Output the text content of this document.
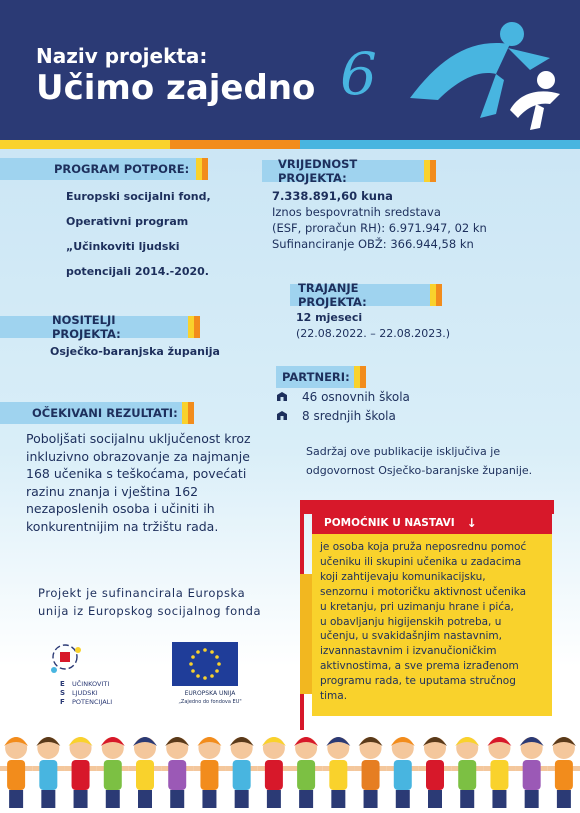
Naziv projekta:
Učimo zajedno 6
PROGRAM POTPORE:
Europski socijalni fond,
Operativni program
„Učinkoviti ljudski
potencijali 2014.-2020.
NOSITELJI PROJEKTA:
Osječko-baranjska županija
OČEKIVANI REZULTATI:
Poboljšati socijalnu uključenost kroz
inkluzivno obrazovanje za najmanje
168 učenika s teškoćama, povećati
razinu znanja i vještina 162
nezaposlenih osoba i učiniti ih
konkurentnijim na tržištu rada.
VRIJEDNOST PROJEKTA:
7.338.891,60 kuna
Iznos bespovratnih sredstava
(ESF, proračun RH): 6.971.947, 02 kn
Sufinanciranje OBŽ: 366.944,58 kn
TRAJANJE PROJEKTA:
12 mjeseci
(22.08.2022. – 22.08.2023.)
PARTNERI:
46 osnovnih škola
8 srednjih škola
Sadržaj ove publikacije isključiva je
odgovornost Osječko-baranjske županije.
Projekt je sufinancirala Europska
unija iz Europskog socijalnog fonda
E
S
F
UČINKOVITI
LJUDSKI
POTENCIJALI
EUROPSKA UNIJA
„Zajedno do fondova EU"
POMOĆNIK U NASTAVI ↓
je osoba koja pruža neposrednu pomoć
učeniku ili skupini učenika u zadacima
koji zahtijevaju komunikacijsku,
senzornu i motoričku aktivnost učenika
u kretanju, pri uzimanju hrane i pića,
u obavljanju higijenskih potreba, u
učenju, u svakidašnjim nastavnim,
izvannastavnim i izvanučioničkim
aktivnostima, a sve prema izrađenom
programu rada, te uputama stručnog
tima.
